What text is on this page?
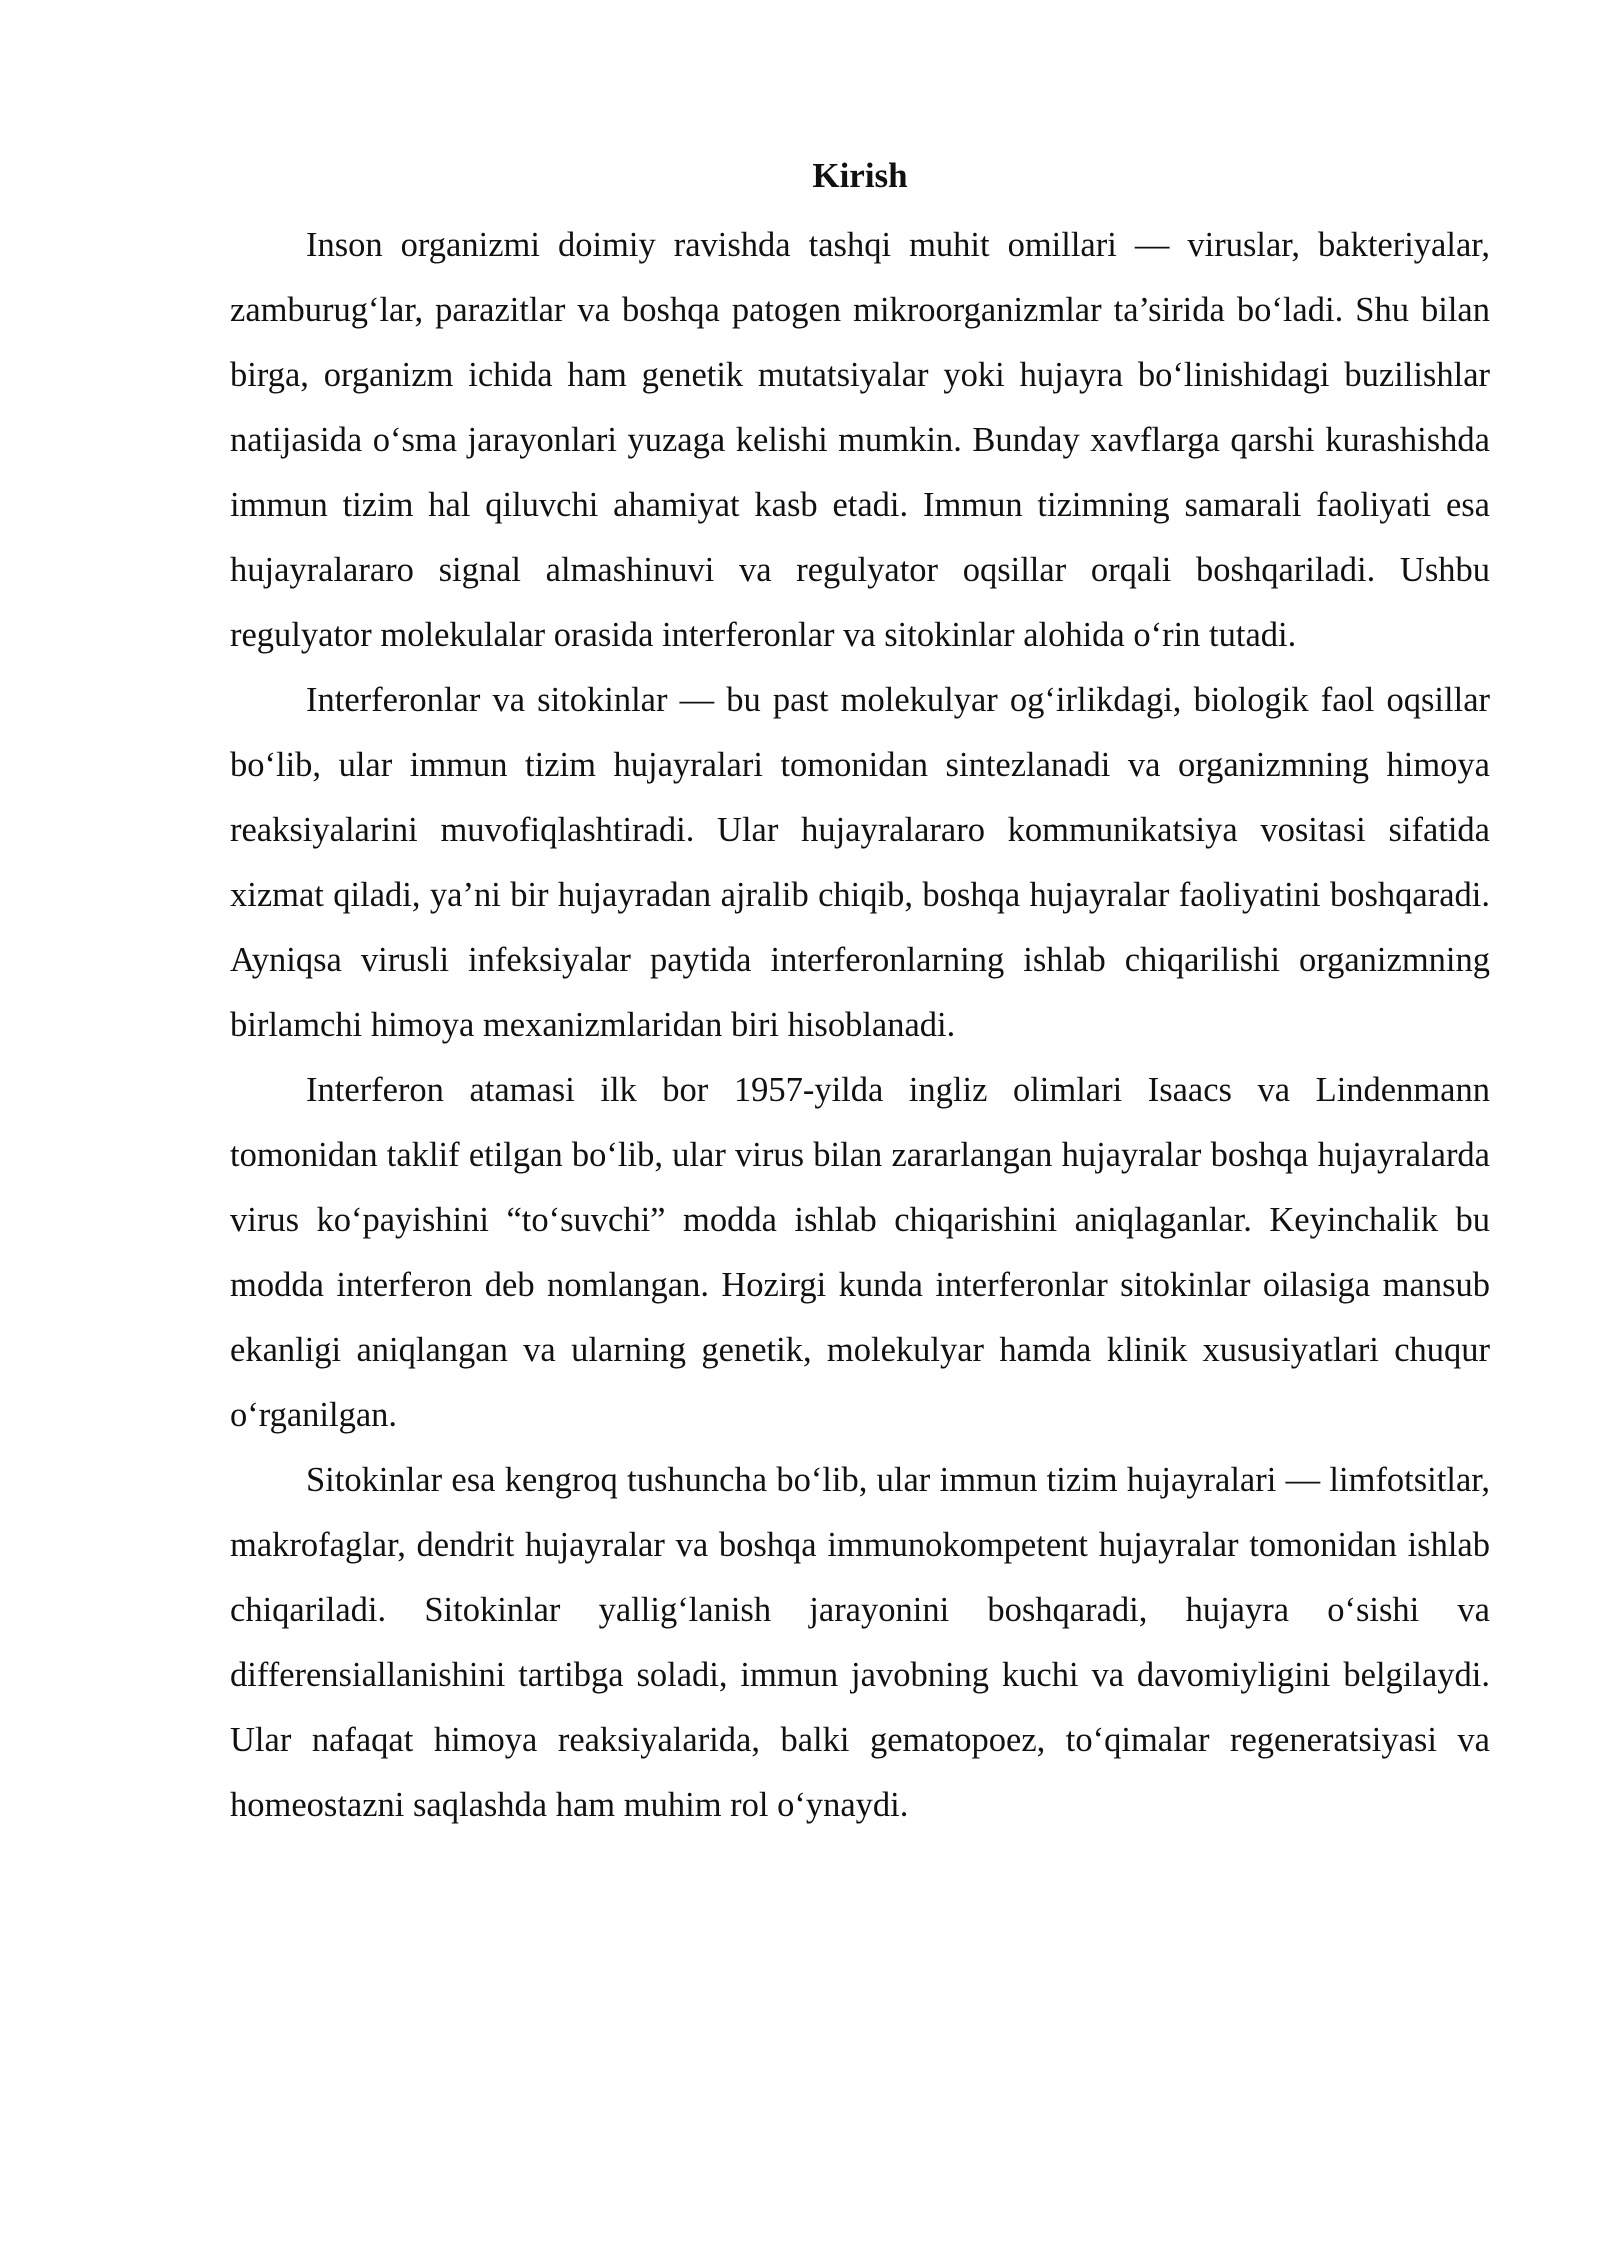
Kirish

Inson organizmi doimiy ravishda tashqi muhit omillari — viruslar, bakteriyalar, zamburug‘lar, parazitlar va boshqa patogen mikroorganizmlar ta’sirida bo‘ladi. Shu bilan birga, organizm ichida ham genetik mutatsiyalar yoki hujayra bo‘linishidagi buzilishlar natijasida o‘sma jarayonlari yuzaga kelishi mumkin. Bunday xavflarga qarshi kurashishda immun tizim hal qiluvchi ahamiyat kasb etadi. Immun tizimning samarali faoliyati esa hujayralararo signal almashinuvi va regulyator oqsillar orqali boshqariladi. Ushbu regulyator molekulalar orasida interferonlar va sitokinlar alohida o‘rin tutadi.

Interferonlar va sitokinlar — bu past molekulyar og‘irlikdagi, biologik faol oqsillar bo‘lib, ular immun tizim hujayralari tomonidan sintezlanadi va organizmning himoya reaksiyalarini muvofiqlashtiradi. Ular hujayralararo kommunikatsiya vositasi sifatida xizmat qiladi, ya’ni bir hujayradan ajralib chiqib, boshqa hujayralar faoliyatini boshqaradi. Ayniqsa virusli infeksiyalar paytida interferonlarning ishlab chiqarilishi organizmning birlamchi himoya mexanizmlaridan biri hisoblanadi.

Interferon atamasi ilk bor 1957-yilda ingliz olimlari Isaacs va Lindenmann tomonidan taklif etilgan bo‘lib, ular virus bilan zararlangan hujayralar boshqa hujayralarda virus ko‘payishini “to‘suvchi” modda ishlab chiqarishini aniqlaganlar. Keyinchalik bu modda interferon deb nomlangan. Hozirgi kunda interferonlar sitokinlar oilasiga mansub ekanligi aniqlangan va ularning genetik, molekulyar hamda klinik xususiyatlari chuqur o‘rganilgan.

Sitokinlar esa kengroq tushuncha bo‘lib, ular immun tizim hujayralari — limfotsitlar, makrofaglar, dendrit hujayralar va boshqa immunokompetent hujayralar tomonidan ishlab chiqariladi. Sitokinlar yallig‘lanish jarayonini boshqaradi, hujayra o‘sishi va differensiallanishini tartibga soladi, immun javobning kuchi va davomiyligini belgilaydi. Ular nafaqat himoya reaksiyalarida, balki gematopoez, to‘qimalar regeneratsiyasi va homeostazni saqlashda ham muhim rol o‘ynaydi.
